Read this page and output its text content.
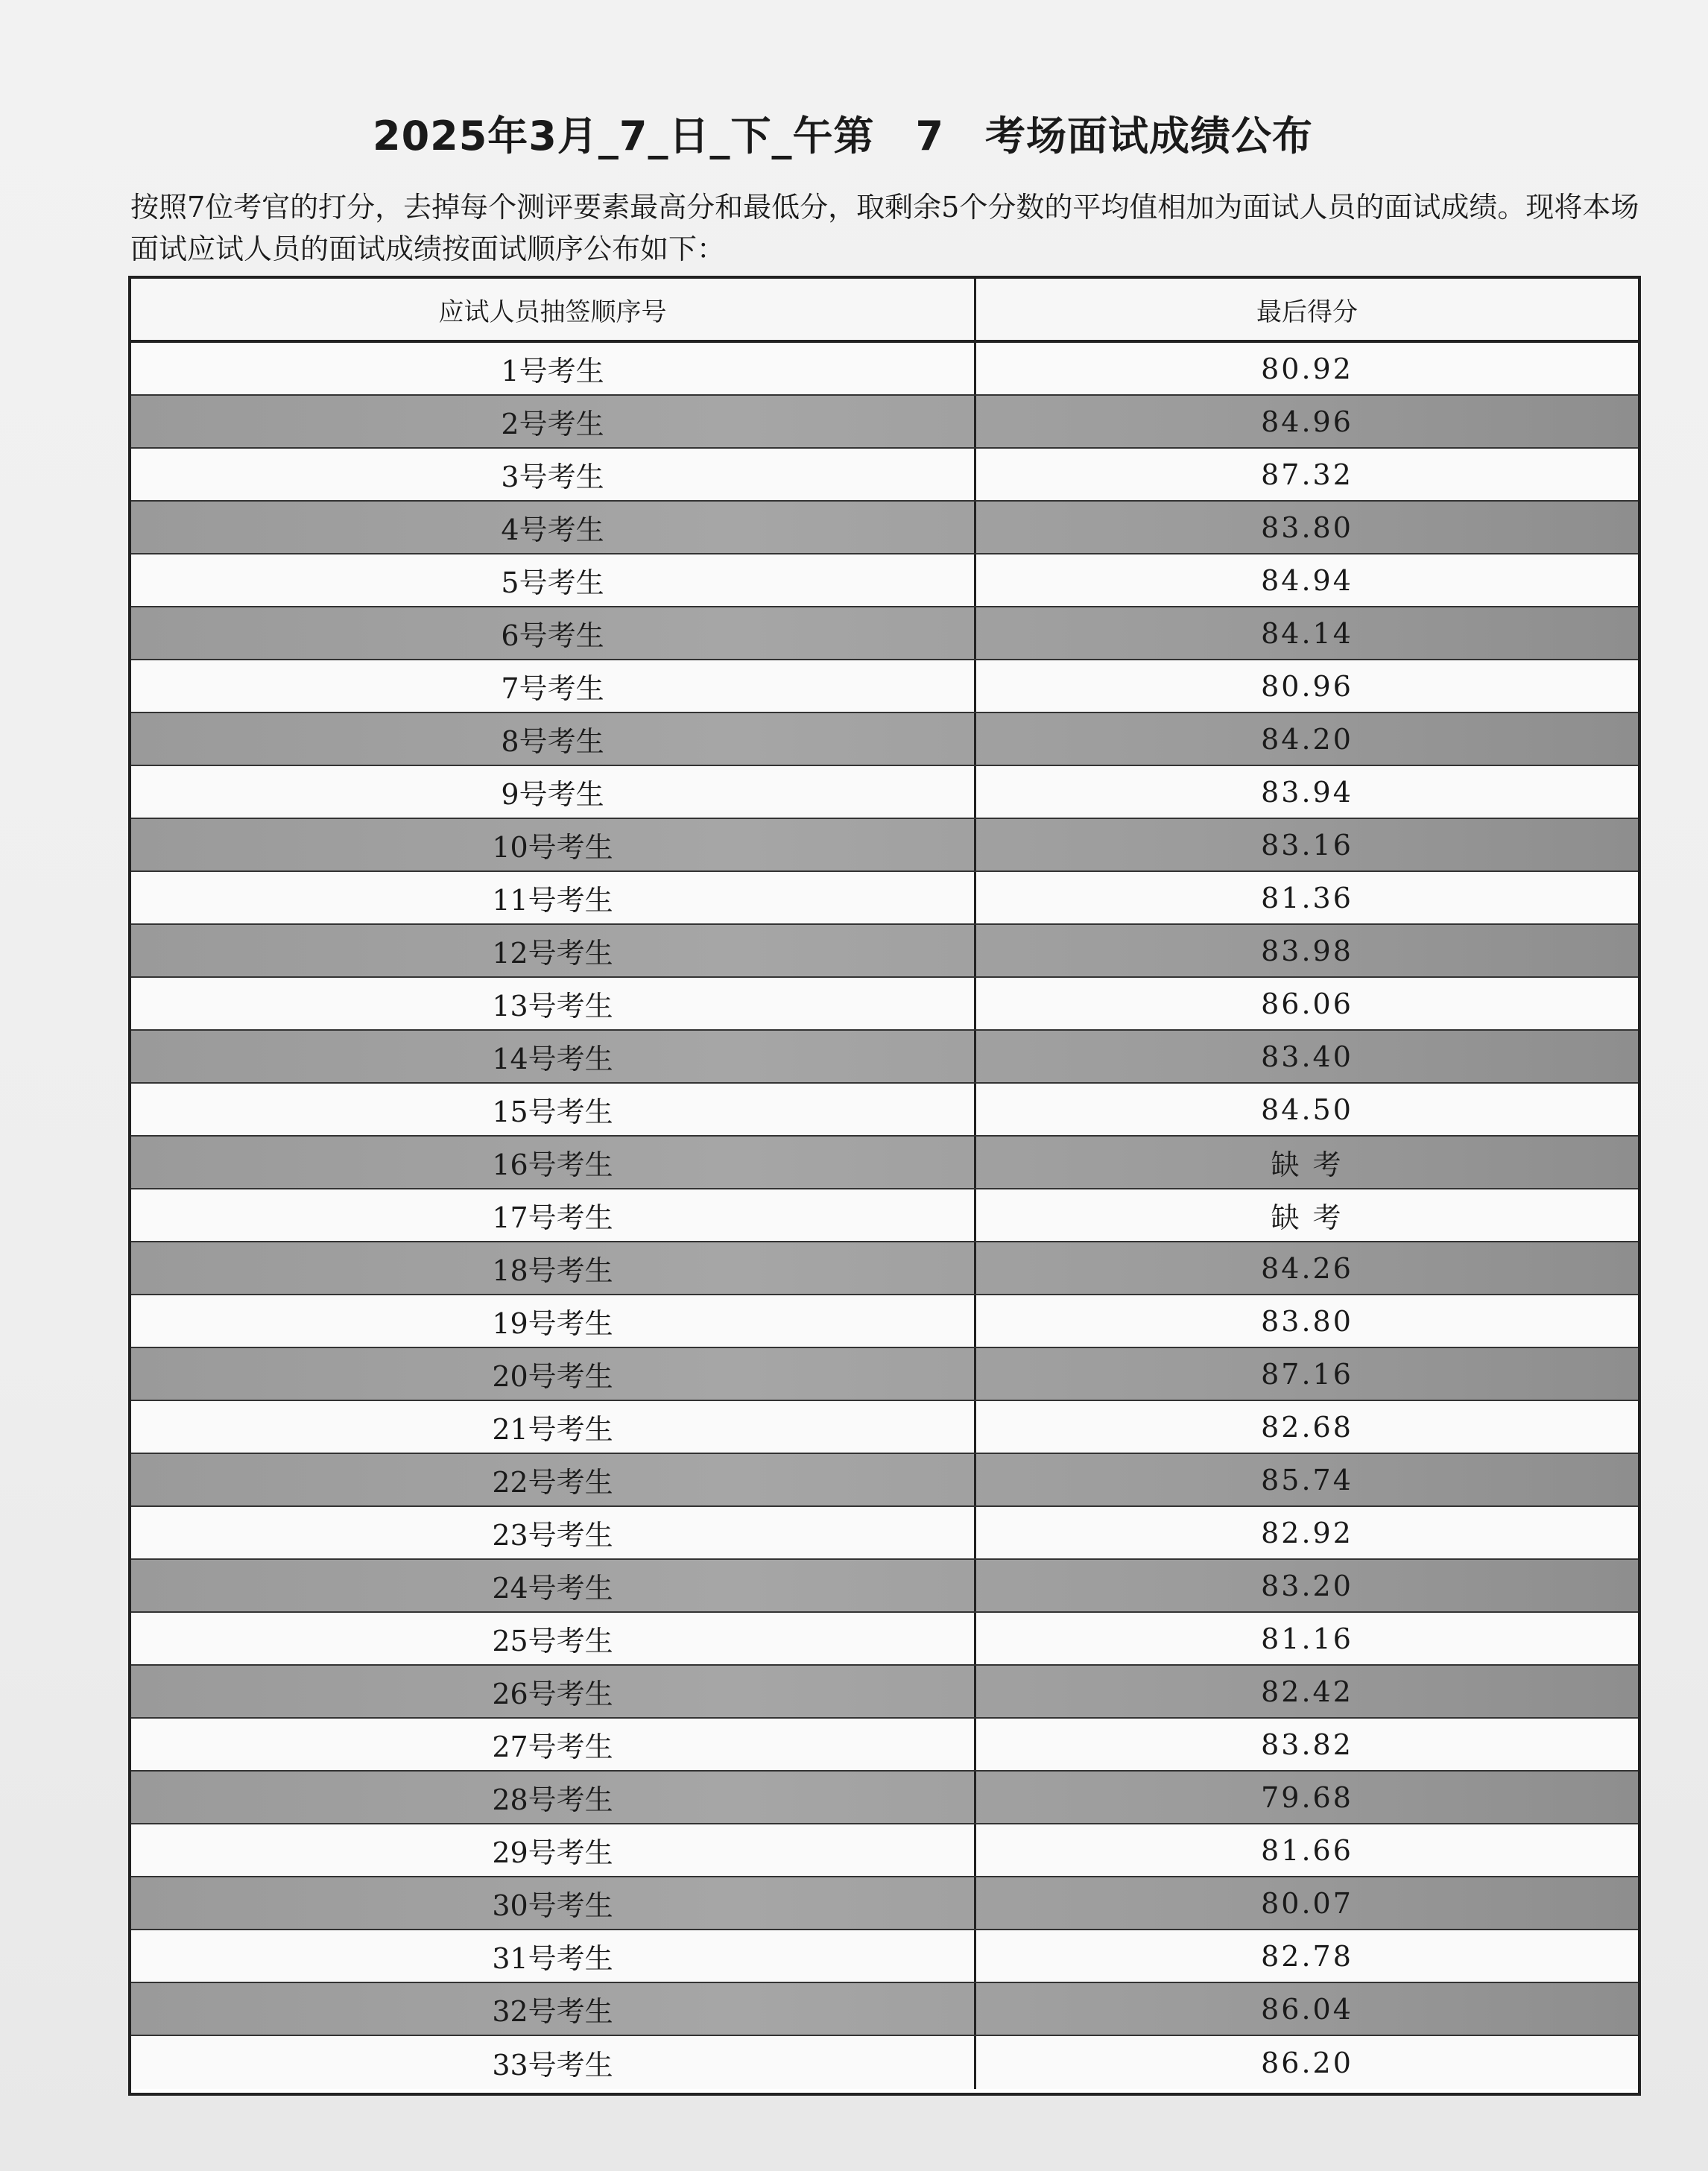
2025年3月_7_日_下_午第　7　考场面试成绩公布
按照7位考官的打分，去掉每个测评要素最高分和最低分，取剩余5个分数的平均值相加为面试人员的面试成绩。现将本场面试应试人员的面试成绩按面试顺序公布如下：
应试人员抽签顺序号	最后得分
1号考生	80.92
2号考生	84.96
3号考生	87.32
4号考生	83.80
5号考生	84.94
6号考生	84.14
7号考生	80.96
8号考生	84.20
9号考生	83.94
10号考生	83.16
11号考生	81.36
12号考生	83.98
13号考生	86.06
14号考生	83.40
15号考生	84.50
16号考生	缺 考
17号考生	缺 考
18号考生	84.26
19号考生	83.80
20号考生	87.16
21号考生	82.68
22号考生	85.74
23号考生	82.92
24号考生	83.20
25号考生	81.16
26号考生	82.42
27号考生	83.82
28号考生	79.68
29号考生	81.66
30号考生	80.07
31号考生	82.78
32号考生	86.04
33号考生	86.20
